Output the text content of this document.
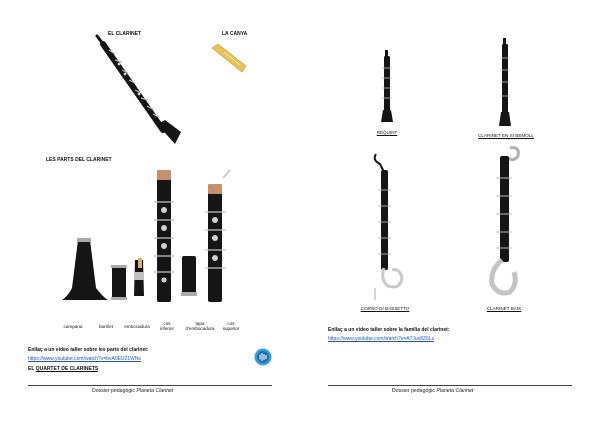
EL CLARINET	LA CANYA
LES PARTS DEL CLARINET
campana	barrilet	embocadura
cos
inferior
tapa
d'embocadura
cos
superior
Enllaç a un vídeo taller sobre les parts del clarinet:
https://www.youtube.com/watch?v=bvA0EU21WNs
EL QUARTET DE CLARINETS
Dossier pedagògic Planeta Clarinet
REQUINT
CLARINET EN SI BEMOLL
CORNO DI BASSETTO	CLARINET BAIX
Enllaç a un vídeo taller sobre la família del clarinet:
https://www.youtube.com/watch?v=A7Jux8Z6Ls
Dossier pedagògic Planeta Clarinet
